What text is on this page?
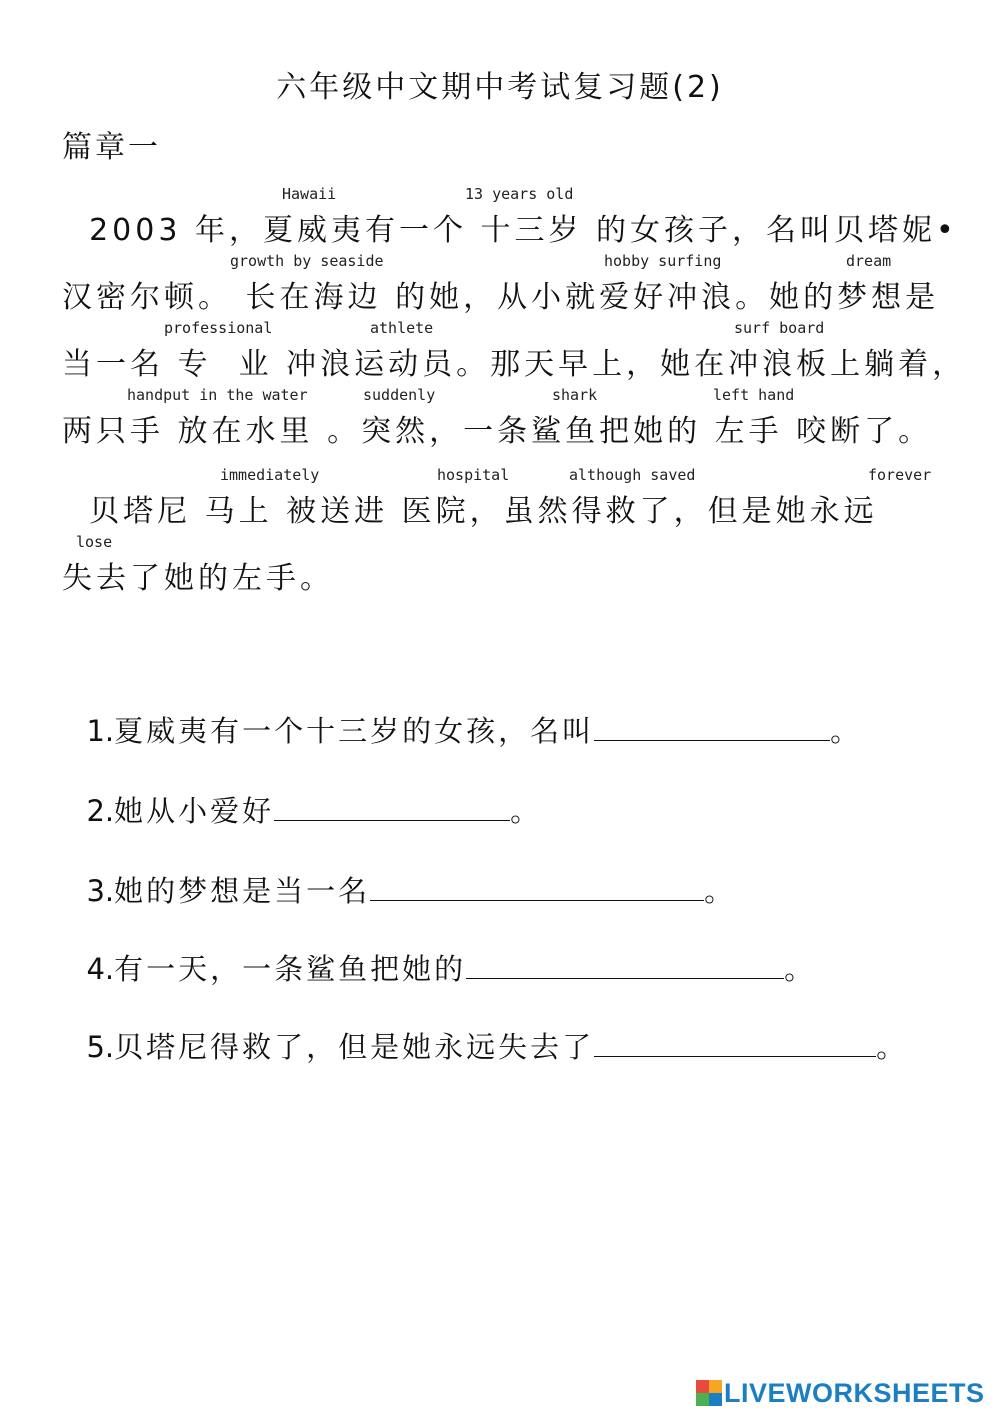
六年级中文期中考试复习题(2)
篇章一
Hawaii	13 years old
growth by seaside	hobby surfing	dream
professional	athlete	surf board
handput in the water	suddenly	shark	left hand
immediately	hospital	although saved	forever
lose
2003 年，夏威夷有一个 十三岁 的女孩子，名叫贝塔妮•
汉密尔顿。 长在海边 的她，从小就爱好冲浪。她的梦想是
当一名 专  业 冲浪运动员。那天早上，她在冲浪板上躺着，
两只手 放在水里 。突然，一条鲨鱼把她的 左手 咬断了。
贝塔尼 马上 被送进 医院，虽然得救了，但是她永远
失去了她的左手。

1.夏威夷有一个十三岁的女孩，名叫	。

2.她从小爱好	。

3.她的梦想是当一名	。

4.有一天，一条鲨鱼把她的	。

5.贝塔尼得救了，但是她永远失去了	。

LIVEWORKSHEETS
